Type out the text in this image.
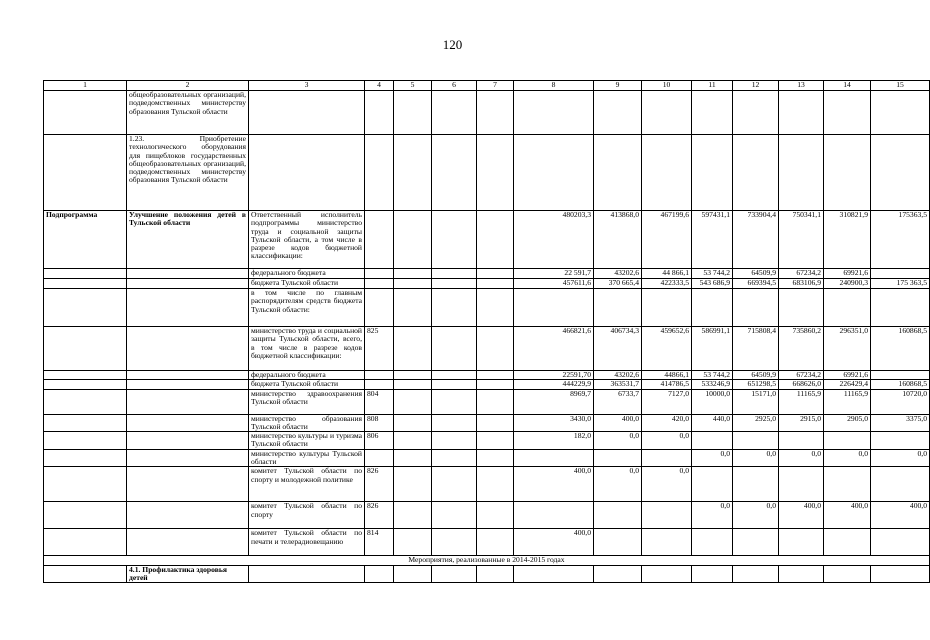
120
1	2	3	4	5	6	7	8	9	10	11	12	13	14	15	
	общеобразовательных организаций, подведомственных министерству образования Тульской области														
	1.23. Приобретение технологического оборудования для пищеблоков государственных общеобразовательных организаций, подведомственных министерству образования Тульской области														
Подпрограмма	Улучшение положения детей в Тульской области	Ответственный исполнитель подпрограммы министерство труда и социальной защиты Тульской области, а том числе в разрезе кодов бюджетной классификации:					480203,3	413868,0	467199,6	597431,1	733904,4	750341,1	310821,9	175363,5	
		федерального бюджета					22 591,7	43202,6	44 866,1	53 744,2	64509,9	67234,2	69921,6		
		бюджета Тульской области					457611,6	370 665,4	422333,5	543 686,9	669394,5	683106,9	240900,3	175 363,5	
		в том числе по главным распорядителям средств бюджета Тульской области:													
		министерство труда и социальной защиты Тульской области, всего, в том числе в разрезе кодов бюджетной классификации:	825				466821,6	406734,3	459652,6	586991,1	715808,4	735860,2	296351,0	160868,5	
		федерального бюджета					22591,70	43202,6	44866,1	53 744,2	64509,9	67234,2	69921,6		
		бюджета Тульской области					444229,9	363531,7	414786,5	533246,9	651298,5	668626,0	226429,4	160868,5	
		министерство здравоохранения Тульской области	804				8969,7	6733,7	7127,0	10000,0	15171,0	11165,9	11165,9	10720,0	
		министерство образования Тульской области	808				3430,0	400,0	420,0	440,0	2925,0	2915,0	2905,0	3375,0	
		министерство культуры и туризма Тульской области	806				182,0	0,0	0,0						
		министерство культуры Тульской области								0,0	0,0	0,0	0,0	0,0	
		комитет Тульской области по спорту и молодежной политике	826				400,0	0,0	0,0						
		комитет Тульской области по спорту	826							0,0	0,0	400,0	400,0	400,0	
		комитет Тульской области по печати и телерадиовещанию	814				400,0								
Мероприятия, реализованные в 2014-2015 годах															
	4.1. Профилактика здоровья детей														
